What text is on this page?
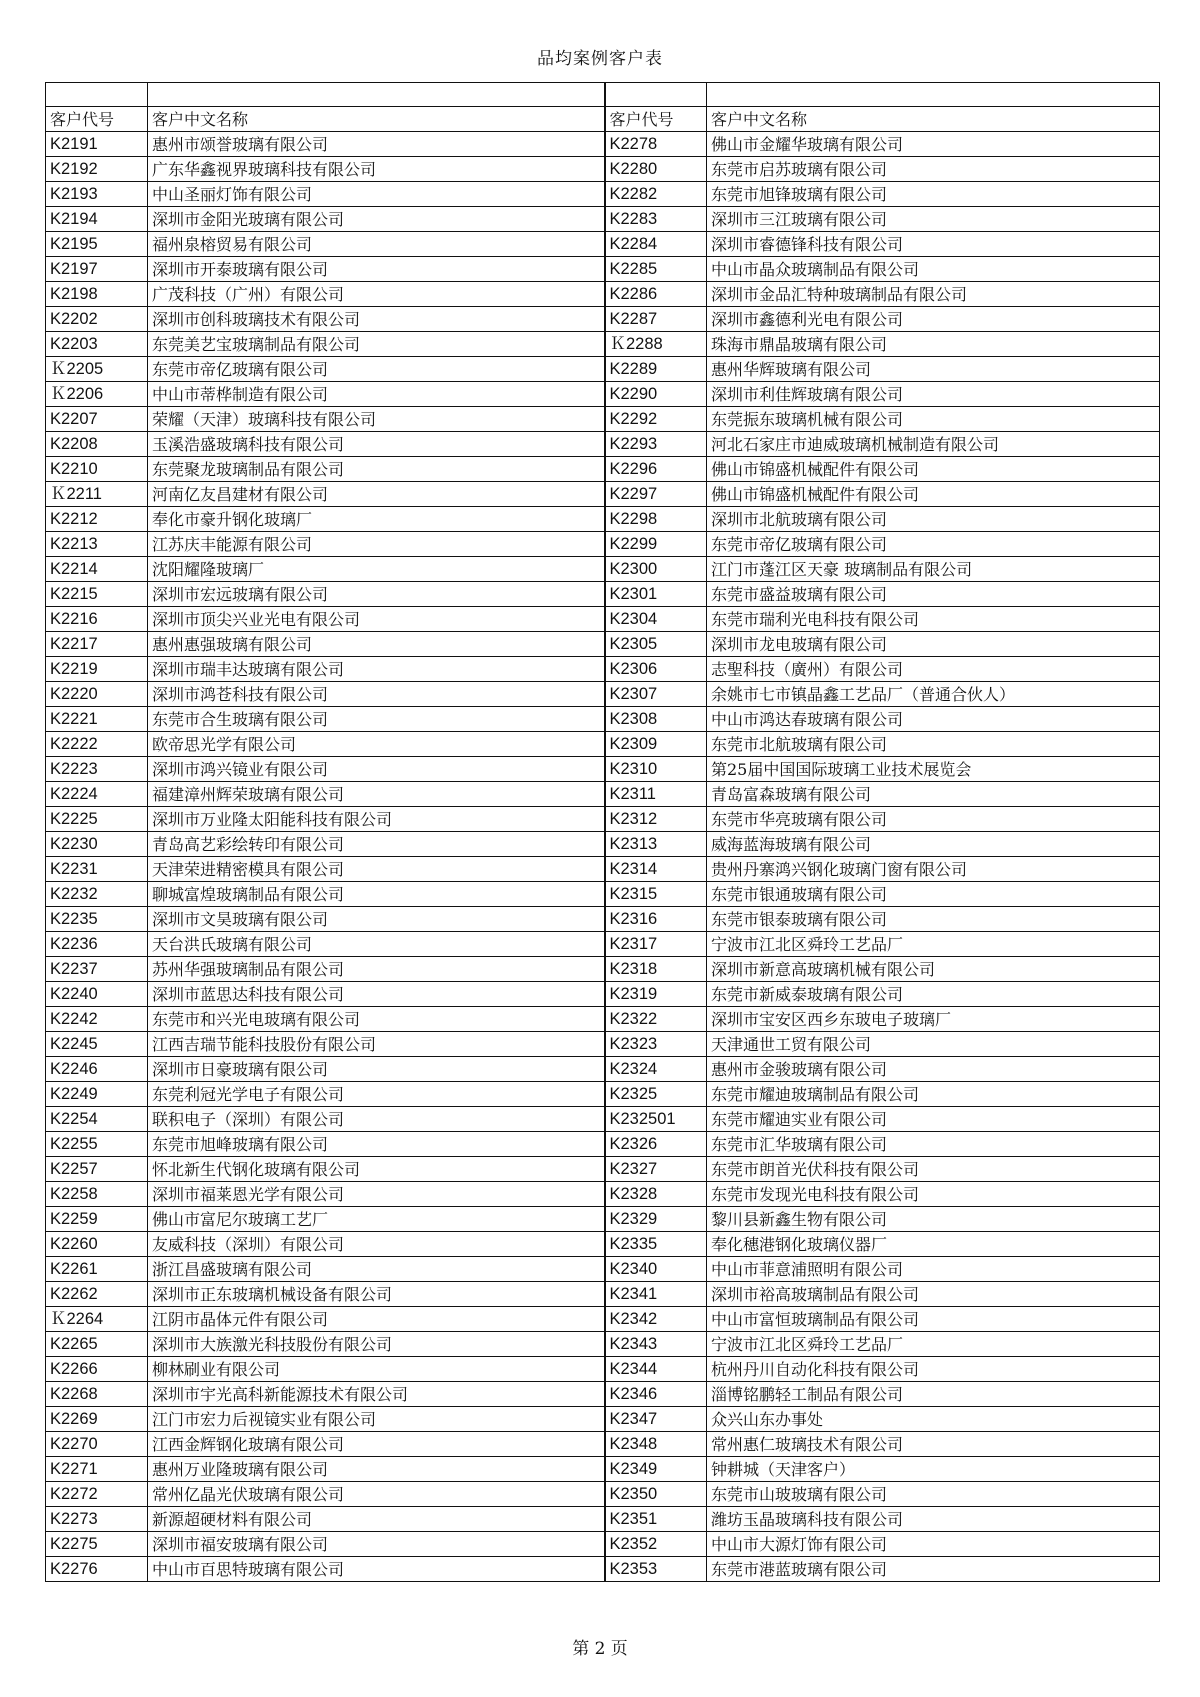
品均案例客户表

客户代号	客户中文名称	客户代号	客户中文名称
K2191	惠州市颂誉玻璃有限公司	K2278	佛山市金耀华玻璃有限公司
K2192	广东华鑫视界玻璃科技有限公司	K2280	东莞市启苏玻璃有限公司
K2193	中山圣丽灯饰有限公司	K2282	东莞市旭锋玻璃有限公司
K2194	深圳市金阳光玻璃有限公司	K2283	深圳市三江玻璃有限公司
K2195	福州泉榕贸易有限公司	K2284	深圳市睿德锋科技有限公司
K2197	深圳市开泰玻璃有限公司	K2285	中山市晶众玻璃制品有限公司
K2198	广茂科技（广州）有限公司	K2286	深圳市金品汇特种玻璃制品有限公司
K2202	深圳市创科玻璃技术有限公司	K2287	深圳市鑫德利光电有限公司
K2203	东莞美艺宝玻璃制品有限公司	Ｋ2288	珠海市鼎晶玻璃有限公司
Ｋ2205	东莞市帝亿玻璃有限公司	K2289	惠州华辉玻璃有限公司
Ｋ2206	中山市蒂桦制造有限公司	K2290	深圳市利佳辉玻璃有限公司
K2207	荣耀（天津）玻璃科技有限公司	K2292	东莞振东玻璃机械有限公司
K2208	玉溪浩盛玻璃科技有限公司	K2293	河北石家庄市迪威玻璃机械制造有限公司
K2210	东莞聚龙玻璃制品有限公司	K2296	佛山市锦盛机械配件有限公司
Ｋ2211	河南亿友昌建材有限公司	K2297	佛山市锦盛机械配件有限公司
K2212	奉化市豪升钢化玻璃厂	K2298	深圳市北航玻璃有限公司
K2213	江苏庆丰能源有限公司	K2299	东莞市帝亿玻璃有限公司
K2214	沈阳耀隆玻璃厂	K2300	江门市蓬江区天豪 玻璃制品有限公司
K2215	深圳市宏远玻璃有限公司	K2301	东莞市盛益玻璃有限公司
K2216	深圳市顶尖兴业光电有限公司	K2304	东莞市瑞利光电科技有限公司
K2217	惠州惠强玻璃有限公司	K2305	深圳市龙电玻璃有限公司
K2219	深圳市瑞丰达玻璃有限公司	K2306	志聖科技（廣州）有限公司
K2220	深圳市鸿苍科技有限公司	K2307	余姚市七市镇晶鑫工艺品厂（普通合伙人）
K2221	东莞市合生玻璃有限公司	K2308	中山市鸿达春玻璃有限公司
K2222	欧帝思光学有限公司	K2309	东莞市北航玻璃有限公司
K2223	深圳市鸿兴镜业有限公司	K2310	第25届中国国际玻璃工业技术展览会
K2224	福建漳州辉荣玻璃有限公司	K2311	青岛富森玻璃有限公司
K2225	深圳市万业隆太阳能科技有限公司	K2312	东莞市华亮玻璃有限公司
K2230	青岛高艺彩绘转印有限公司	K2313	威海蓝海玻璃有限公司
K2231	天津荣进精密模具有限公司	K2314	贵州丹寨鸿兴钢化玻璃门窗有限公司
K2232	聊城富煌玻璃制品有限公司	K2315	东莞市银通玻璃有限公司
K2235	深圳市文昊玻璃有限公司	K2316	东莞市银泰玻璃有限公司
K2236	天台洪氏玻璃有限公司	K2317	宁波市江北区舜玲工艺品厂
K2237	苏州华强玻璃制品有限公司	K2318	深圳市新意高玻璃机械有限公司
K2240	深圳市蓝思达科技有限公司	K2319	东莞市新威泰玻璃有限公司
K2242	东莞市和兴光电玻璃有限公司	K2322	深圳市宝安区西乡东玻电子玻璃厂
K2245	江西吉瑞节能科技股份有限公司	K2323	天津通世工贸有限公司
K2246	深圳市日豪玻璃有限公司	K2324	惠州市金骏玻璃有限公司
K2249	东莞利冠光学电子有限公司	K2325	东莞市耀迪玻璃制品有限公司
K2254	联积电子（深圳）有限公司	K232501	东莞市耀迪实业有限公司
K2255	东莞市旭峰玻璃有限公司	K2326	东莞市汇华玻璃有限公司
K2257	怀北新生代钢化玻璃有限公司	K2327	东莞市朗首光伏科技有限公司
K2258	深圳市福莱恩光学有限公司	K2328	东莞市发现光电科技有限公司
K2259	佛山市富尼尔玻璃工艺厂	K2329	黎川县新鑫生物有限公司
K2260	友威科技（深圳）有限公司	K2335	奉化穗港钢化玻璃仪器厂
K2261	浙江昌盛玻璃有限公司	K2340	中山市菲意浦照明有限公司
K2262	深圳市正东玻璃机械设备有限公司	K2341	深圳市裕高玻璃制品有限公司
Ｋ2264	江阴市晶体元件有限公司	K2342	中山市富恒玻璃制品有限公司
K2265	深圳市大族激光科技股份有限公司	K2343	宁波市江北区舜玲工艺品厂
K2266	柳林刷业有限公司	K2344	杭州丹川自动化科技有限公司
K2268	深圳市宇光高科新能源技术有限公司	K2346	淄博铭鹏轻工制品有限公司
K2269	江门市宏力后视镜实业有限公司	K2347	众兴山东办事处
K2270	江西金辉钢化玻璃有限公司	K2348	常州惠仁玻璃技术有限公司
K2271	惠州万业隆玻璃有限公司	K2349	钟耕城（天津客户）
K2272	常州亿晶光伏玻璃有限公司	K2350	东莞市山玻玻璃有限公司
K2273	新源超硬材料有限公司	K2351	潍坊玉晶玻璃科技有限公司
K2275	深圳市福安玻璃有限公司	K2352	中山市大源灯饰有限公司
K2276	中山市百思特玻璃有限公司	K2353	东莞市港蓝玻璃有限公司
第 2 页
